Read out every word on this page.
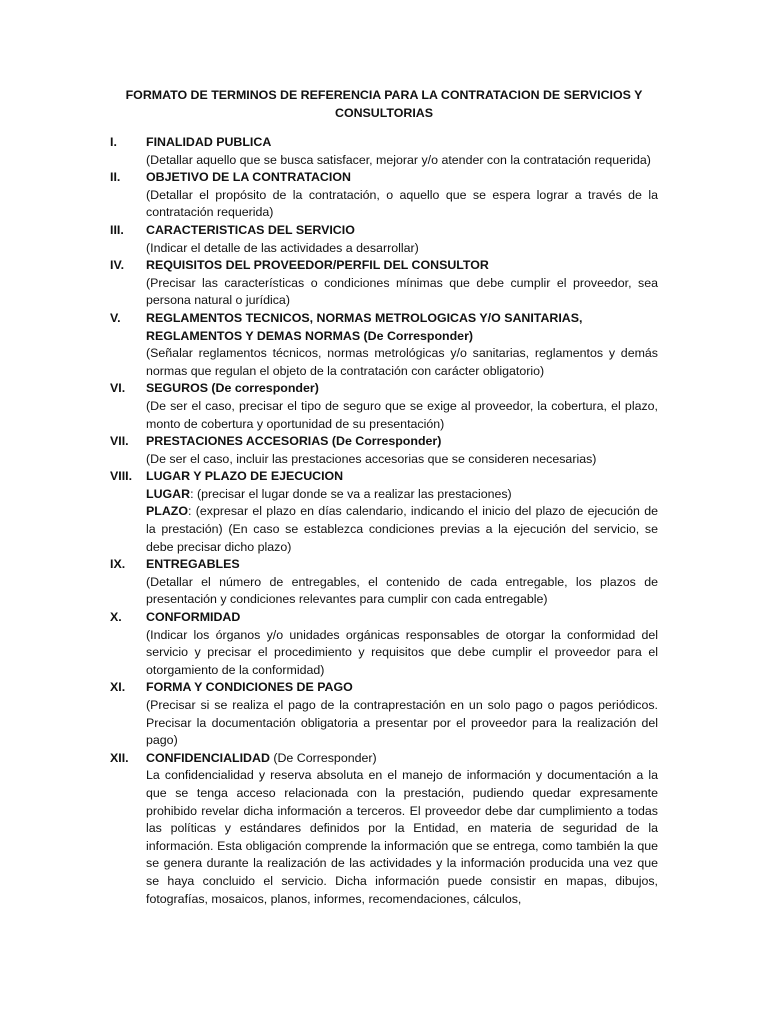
FORMATO DE TERMINOS DE REFERENCIA PARA LA CONTRATACION DE SERVICIOS Y CONSULTORIAS
I.	FINALIDAD PUBLICA
(Detallar aquello que se busca satisfacer, mejorar y/o atender con la contratación requerida)
II.	OBJETIVO DE LA CONTRATACION
(Detallar el propósito de la contratación, o aquello que se espera lograr a través de la contratación requerida)
III.	CARACTERISTICAS DEL SERVICIO
(Indicar el detalle de las actividades a desarrollar)
IV.	REQUISITOS DEL PROVEEDOR/PERFIL DEL CONSULTOR
(Precisar las características o condiciones mínimas que debe cumplir el proveedor, sea persona natural o jurídica)
V.	REGLAMENTOS TECNICOS, NORMAS METROLOGICAS Y/O SANITARIAS, REGLAMENTOS Y DEMAS NORMAS (De Corresponder)
(Señalar reglamentos técnicos, normas metrológicas y/o sanitarias, reglamentos y demás normas que regulan el objeto de la contratación con carácter obligatorio)
VI.	SEGUROS (De corresponder)
(De ser el caso, precisar el tipo de seguro que se exige al proveedor, la cobertura, el plazo, monto de cobertura y oportunidad de su presentación)
VII.	PRESTACIONES ACCESORIAS (De Corresponder)
(De ser el caso, incluir las prestaciones accesorias que se consideren necesarias)
VIII.	LUGAR Y PLAZO DE EJECUCION
LUGAR: (precisar el lugar donde se va a realizar las prestaciones)
PLAZO: (expresar el plazo en días calendario, indicando el inicio del plazo de ejecución de la prestación) (En caso se establezca condiciones previas a la ejecución del servicio, se debe precisar dicho plazo)
IX.	ENTREGABLES
(Detallar el número de entregables, el contenido de cada entregable, los plazos de presentación y condiciones relevantes para cumplir con cada entregable)
X.	CONFORMIDAD
(Indicar los órganos y/o unidades orgánicas responsables de otorgar la conformidad del servicio y precisar el procedimiento y requisitos que debe cumplir el proveedor para el otorgamiento de la conformidad)
XI.	FORMA Y CONDICIONES DE PAGO
(Precisar si se realiza el pago de la contraprestación en un solo pago o pagos periódicos. Precisar la documentación obligatoria a presentar por el proveedor para la realización del pago)
XII.	CONFIDENCIALIDAD (De Corresponder)
La confidencialidad y reserva absoluta en el manejo de información y documentación a la que se tenga acceso relacionada con la prestación, pudiendo quedar expresamente prohibido revelar dicha información a terceros. El proveedor debe dar cumplimiento a todas las políticas y estándares definidos por la Entidad, en materia de seguridad de la información. Esta obligación comprende la información que se entrega, como también la que se genera durante la realización de las actividades y la información producida una vez que se haya concluido el servicio. Dicha información puede consistir en mapas, dibujos, fotografías, mosaicos, planos, informes, recomendaciones, cálculos,
